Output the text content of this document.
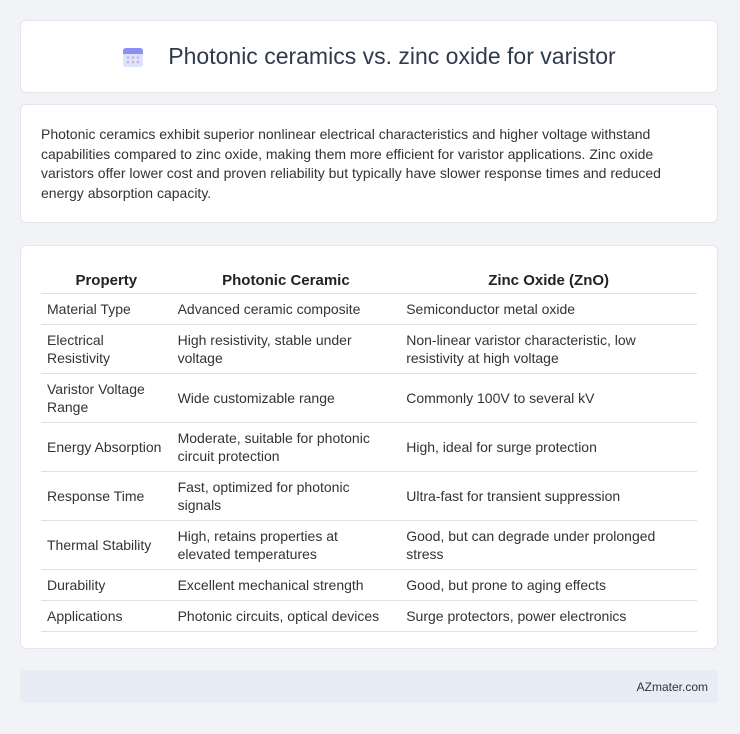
Photonic ceramics vs. zinc oxide for varistor

Photonic ceramics exhibit superior nonlinear electrical characteristics and higher voltage withstand capabilities compared to zinc oxide, making them more efficient for varistor applications. Zinc oxide varistors offer lower cost and proven reliability but typically have slower response times and reduced energy absorption capacity.

Property	Photonic Ceramic	Zinc Oxide (ZnO)
Material Type	Advanced ceramic composite	Semiconductor metal oxide
Electrical Resistivity	High resistivity, stable under voltage	Non-linear varistor characteristic, low resistivity at high voltage
Varistor Voltage Range	Wide customizable range	Commonly 100V to several kV
Energy Absorption	Moderate, suitable for photonic circuit protection	High, ideal for surge protection
Response Time	Fast, optimized for photonic signals	Ultra-fast for transient suppression
Thermal Stability	High, retains properties at elevated temperatures	Good, but can degrade under prolonged stress
Durability	Excellent mechanical strength	Good, but prone to aging effects
Applications	Photonic circuits, optical devices	Surge protectors, power electronics
AZmater.com
